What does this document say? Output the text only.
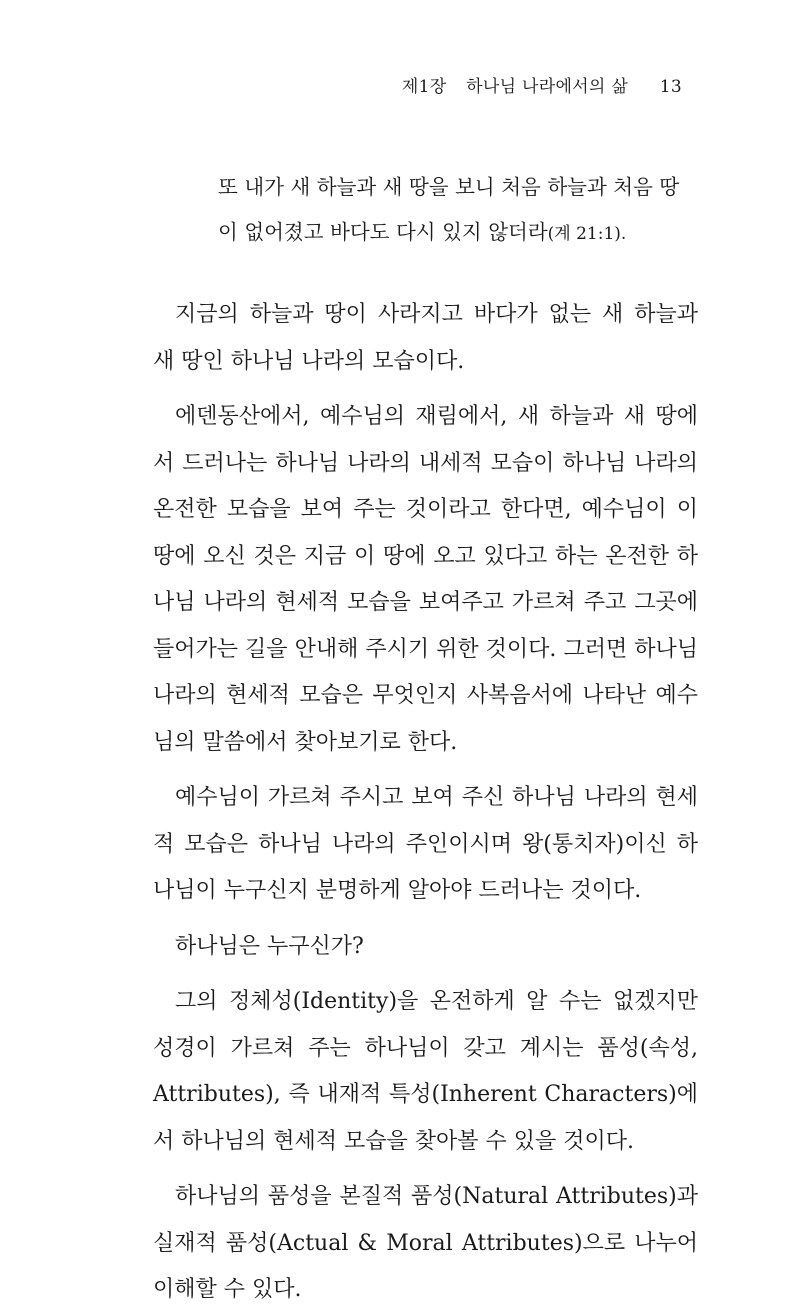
제1장 하나님 나라에서의 삶 13

또 내가 새 하늘과 새 땅을 보니 처음 하늘과 처음 땅이 없어졌고 바다도 다시 있지 않더라(계 21:1).

지금의 하늘과 땅이 사라지고 바다가 없는 새 하늘과 새 땅인 하나님 나라의 모습이다.

에덴동산에서, 예수님의 재림에서, 새 하늘과 새 땅에서 드러나는 하나님 나라의 내세적 모습이 하나님 나라의 온전한 모습을 보여 주는 것이라고 한다면, 예수님이 이 땅에 오신 것은 지금 이 땅에 오고 있다고 하는 온전한 하나님 나라의 현세적 모습을 보여주고 가르쳐 주고 그곳에 들어가는 길을 안내해 주시기 위한 것이다. 그러면 하나님 나라의 현세적 모습은 무엇인지 사복음서에 나타난 예수님의 말씀에서 찾아보기로 한다.

예수님이 가르쳐 주시고 보여 주신 하나님 나라의 현세적 모습은 하나님 나라의 주인이시며 왕(통치자)이신 하나님이 누구신지 분명하게 알아야 드러나는 것이다.

하나님은 누구신가?

그의 정체성(Identity)을 온전하게 알 수는 없겠지만 성경이 가르쳐 주는 하나님이 갖고 계시는 품성(속성, Attributes), 즉 내재적 특성(Inherent Characters)에서 하나님의 현세적 모습을 찾아볼 수 있을 것이다.

하나님의 품성을 본질적 품성(Natural Attributes)과 실재적 품성(Actual & Moral Attributes)으로 나누어 이해할 수 있다.
